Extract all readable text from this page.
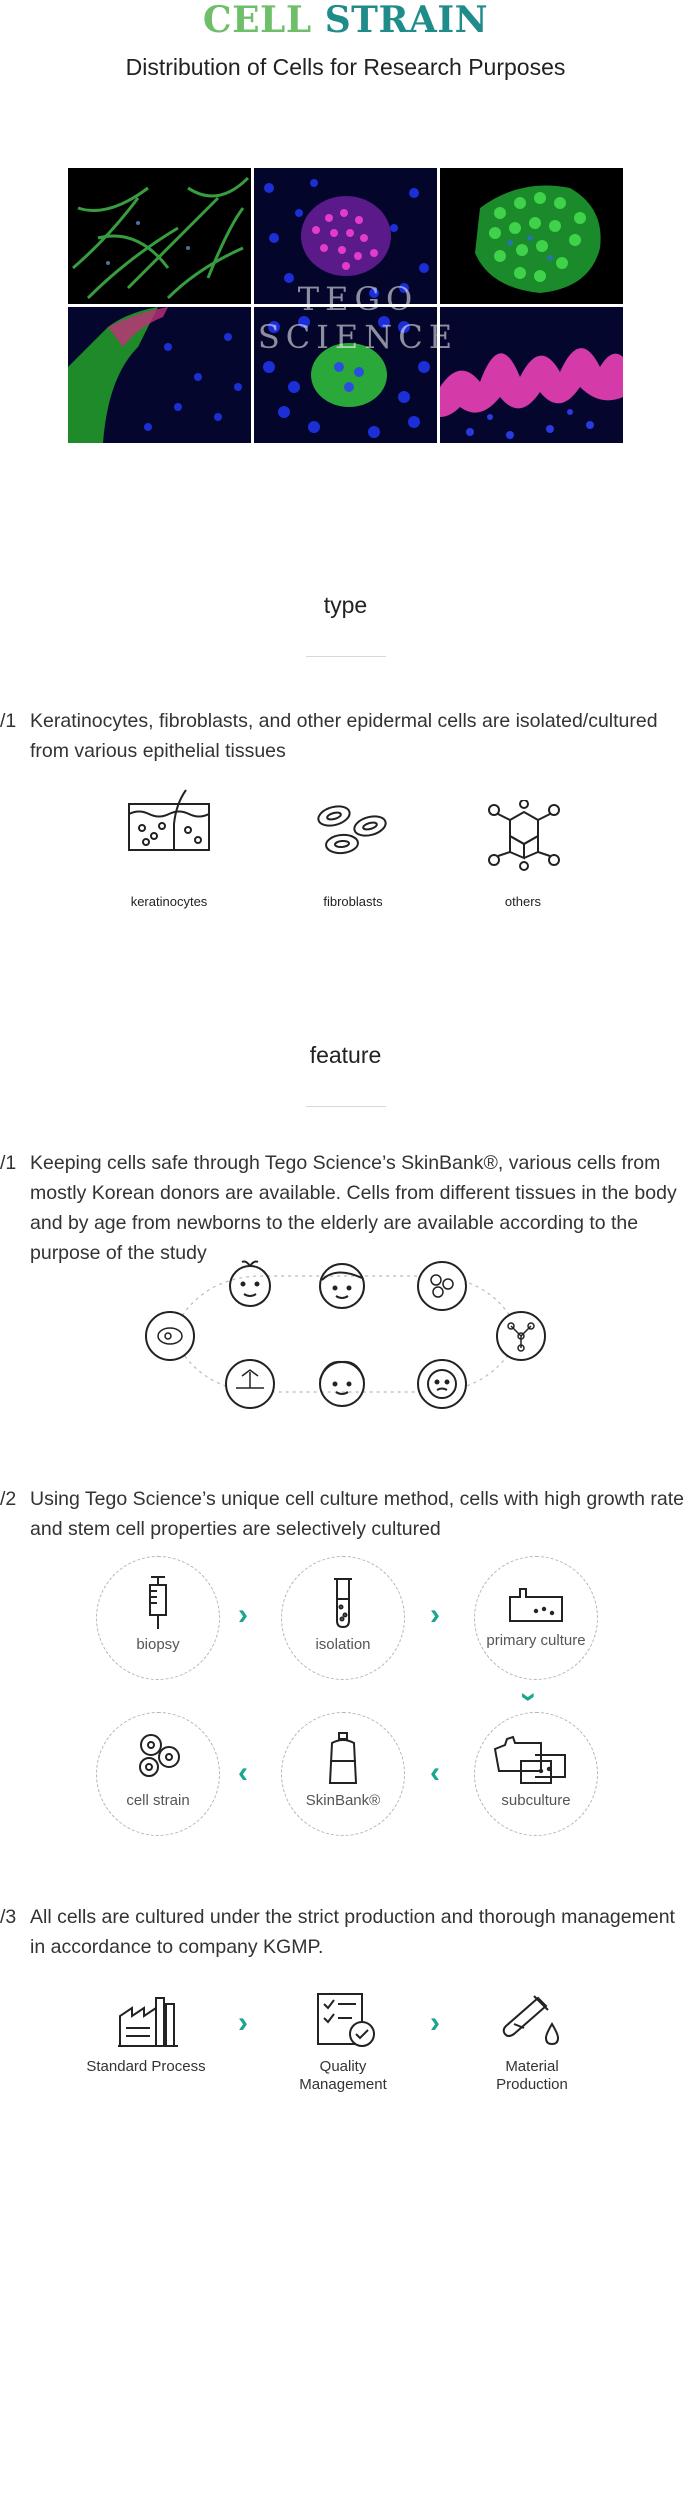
CELL STRAIN
Distribution of Cells for Research Purposes
TEGO SCIENCE
type
/1 Keratinocytes, fibroblasts, and other epidermal cells are isolated/cultured from various epithelial tissues
keratinocytes	fibroblasts	others
feature
/1 Keeping cells safe through Tego Science’s SkinBank®, various cells from mostly Korean donors are available. Cells from different tissues in the body and by age from newborns to the elderly are available according to the purpose of the study
/2 Using Tego Science’s unique cell culture method, cells with high growth rate and stem cell properties are selectively cultured
biopsy
›
isolation
›
primary culture
›
cell strain
‹
SkinBank®
‹
subculture
/3 All cells are cultured under the strict production and thorough management in accordance to company KGMP.
Standard Process
›
Quality Management
›
Material Production
